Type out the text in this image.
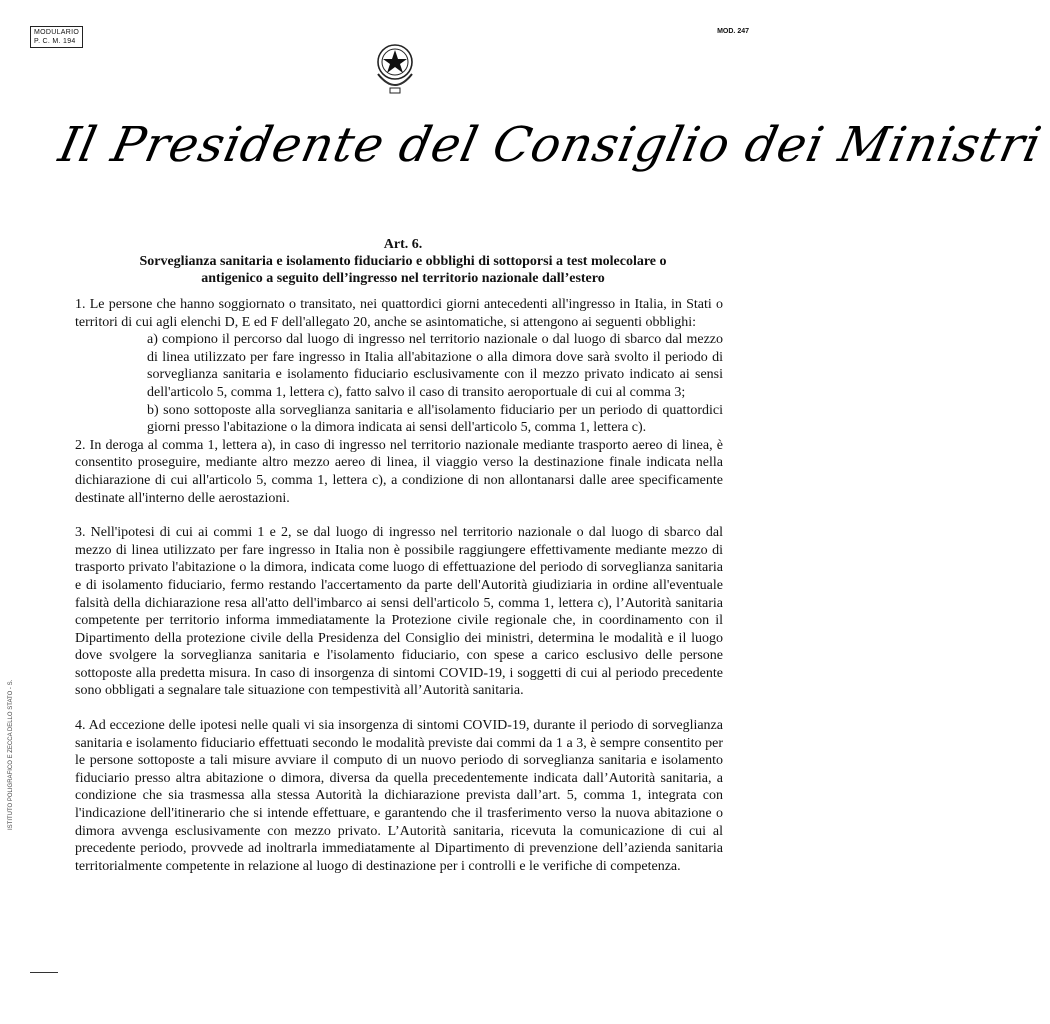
MODULARIO
P. C. M. 194
MOD. 247
Il Presidente del Consiglio dei Ministri
ISTITUTO POLIGRAFICO E ZECCA DELLO STATO - S.
Art. 6.
Sorveglianza sanitaria e isolamento fiduciario e obblighi di sottoporsi a test molecolare o
antigenico a seguito dell’ingresso nel territorio nazionale dall’estero

1. Le persone che hanno soggiornato o transitato, nei quattordici giorni antecedenti all'ingresso in Italia, in Stati o territori di cui agli elenchi D, E ed F dell'allegato 20, anche se asintomatiche, si attengono ai seguenti obblighi:

a) compiono il percorso dal luogo di ingresso nel territorio nazionale o dal luogo di sbarco dal mezzo di linea utilizzato per fare ingresso in Italia all'abitazione o alla dimora dove sarà svolto il periodo di sorveglianza sanitaria e isolamento fiduciario esclusivamente con il mezzo privato indicato ai sensi dell'articolo 5, comma 1, lettera c), fatto salvo il caso di transito aeroportuale di cui al comma 3;

b) sono sottoposte alla sorveglianza sanitaria e all'isolamento fiduciario per un periodo di quattordici giorni presso l'abitazione o la dimora indicata ai sensi dell'articolo 5, comma 1, lettera c).

2. In deroga al comma 1, lettera a), in caso di ingresso nel territorio nazionale mediante trasporto aereo di linea, è consentito proseguire, mediante altro mezzo aereo di linea, il viaggio verso la destinazione finale indicata nella dichiarazione di cui all'articolo 5, comma 1, lettera c), a condizione di non allontanarsi dalle aree specificamente destinate all'interno delle aerostazioni.

3. Nell'ipotesi di cui ai commi 1 e 2, se dal luogo di ingresso nel territorio nazionale o dal luogo di sbarco dal mezzo di linea utilizzato per fare ingresso in Italia non è possibile raggiungere effettivamente mediante mezzo di trasporto privato l'abitazione o la dimora, indicata come luogo di effettuazione del periodo di sorveglianza sanitaria e di isolamento fiduciario, fermo restando l'accertamento da parte dell'Autorità giudiziaria in ordine all'eventuale falsità della dichiarazione resa all'atto dell'imbarco ai sensi dell'articolo 5, comma 1, lettera c), l’Autorità sanitaria competente per territorio informa immediatamente la Protezione civile regionale che, in coordinamento con il Dipartimento della protezione civile della Presidenza del Consiglio dei ministri, determina le modalità e il luogo dove svolgere la sorveglianza sanitaria e l'isolamento fiduciario, con spese a carico esclusivo delle persone sottoposte alla predetta misura. In caso di insorgenza di sintomi COVID-19, i soggetti di cui al periodo precedente sono obbligati a segnalare tale situazione con tempestività all’Autorità sanitaria.

4. Ad eccezione delle ipotesi nelle quali vi sia insorgenza di sintomi COVID-19, durante il periodo di sorveglianza sanitaria e isolamento fiduciario effettuati secondo le modalità previste dai commi da 1 a 3, è sempre consentito per le persone sottoposte a tali misure avviare il computo di un nuovo periodo di sorveglianza sanitaria e isolamento fiduciario presso altra abitazione o dimora, diversa da quella precedentemente indicata dall’Autorità sanitaria, a condizione che sia trasmessa alla stessa Autorità la dichiarazione prevista dall’art. 5, comma 1, integrata con l'indicazione dell'itinerario che si intende effettuare, e garantendo che il trasferimento verso la nuova abitazione o dimora avvenga esclusivamente con mezzo privato. L’Autorità sanitaria, ricevuta la comunicazione di cui al precedente periodo, provvede ad inoltrarla immediatamente al Dipartimento di prevenzione dell’azienda sanitaria territorialmente competente in relazione al luogo di destinazione per i controlli e le verifiche di competenza.
